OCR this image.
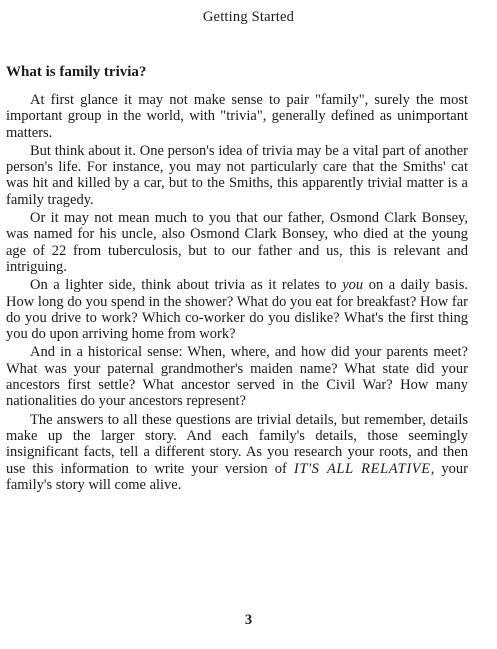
Getting Started
What is family trivia?

At first glance it may not make sense to pair "family", surely the most important group in the world, with "trivia", generally defined as unimportant matters.

But think about it. One person's idea of trivia may be a vital part of another person's life. For instance, you may not particularly care that the Smiths' cat was hit and killed by a car, but to the Smiths, this apparently trivial matter is a family tragedy.

Or it may not mean much to you that our father, Osmond Clark Bonsey, was named for his uncle, also Osmond Clark Bonsey, who died at the young age of 22 from tuberculosis, but to our father and us, this is relevant and intriguing.

On a lighter side, think about trivia as it relates to you on a daily basis. How long do you spend in the shower? What do you eat for breakfast? How far do you drive to work? Which co-worker do you dislike? What's the first thing you do upon arriving home from work?

And in a historical sense: When, where, and how did your parents meet? What was your paternal grandmother's maiden name? What state did your ancestors first settle? What ancestor served in the Civil War? How many nationalities do your ancestors represent?

The answers to all these questions are trivial details, but remember, details make up the larger story. And each family's details, those seemingly insignificant facts, tell a different story. As you research your roots, and then use this information to write your version of IT'S ALL RELATIVE, your family's story will come alive.

3
